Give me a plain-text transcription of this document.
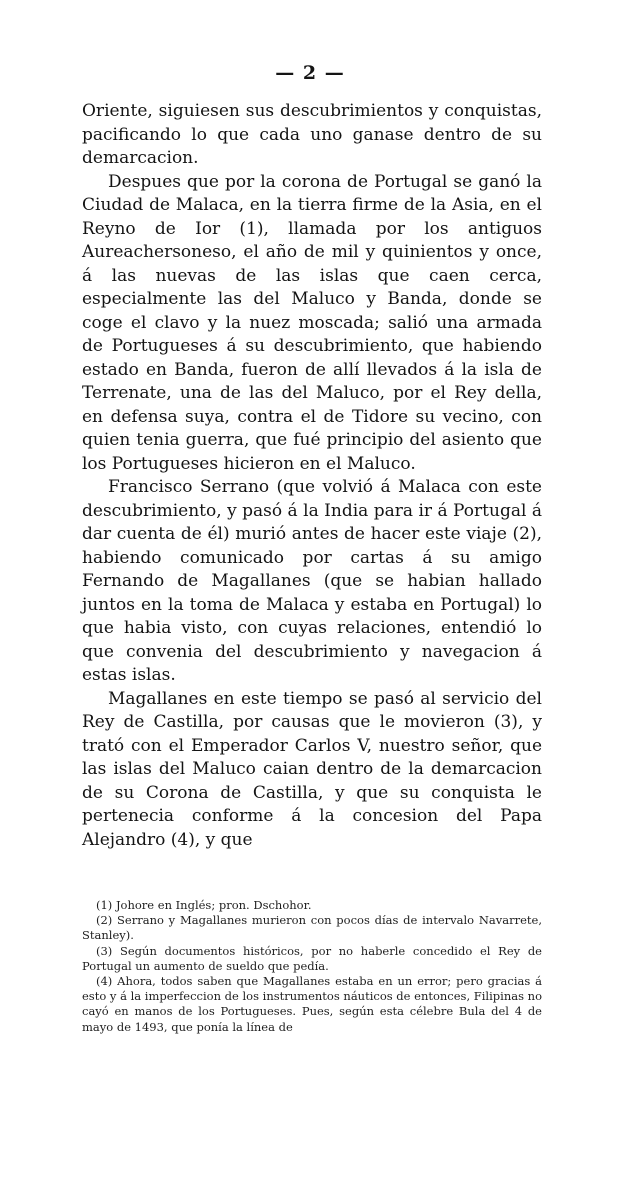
— 2 —

Oriente, siguiesen sus descubrimientos y conquistas, pacificando lo que cada uno ganase dentro de su demarcacion.

Despues que por la corona de Portugal se ganó la Ciudad de Malaca, en la tierra firme de la Asia, en el Reyno de Ior (1), llamada por los antiguos Aureachersoneso, el año de mil y quinientos y once, á las nuevas de las islas que caen cerca, especialmente las del Maluco y Banda, donde se coge el clavo y la nuez moscada; salió una armada de Portugueses á su descubrimiento, que habiendo estado en Banda, fueron de allí llevados á la isla de Terrenate, una de las del Maluco, por el Rey della, en defensa suya, contra el de Tidore su vecino, con quien tenia guerra, que fué principio del asiento que los Portugueses hicieron en el Maluco.

Francisco Serrano (que volvió á Malaca con este descubrimiento, y pasó á la India para ir á Portugal á dar cuenta de él) murió antes de hacer este viaje (2), habiendo comunicado por cartas á su amigo Fernando de Magallanes (que se habian hallado juntos en la toma de Malaca y estaba en Portugal) lo que habia visto, con cuyas relaciones, entendió lo que convenia del descubrimiento y navegacion á estas islas.

Magallanes en este tiempo se pasó al servicio del Rey de Castilla, por causas que le movieron (3), y trató con el Emperador Carlos V, nuestro señor, que las islas del Maluco caian dentro de la demarcacion de su Corona de Castilla, y que su conquista le pertenecia conforme á la concesion del Papa Alejandro (4), y que

(1) Johore en Inglés; pron. Dschohor.

(2) Serrano y Magallanes murieron con pocos días de intervalo Navarrete, Stanley).

(3) Según documentos históricos, por no haberle concedido el Rey de Portugal un aumento de sueldo que pedía.

(4) Ahora, todos saben que Magallanes estaba en un error; pero gracias á esto y á la imperfeccion de los instrumentos náuticos de entonces, Filipinas no cayó en manos de los Portugueses. Pues, según esta célebre Bula del 4 de mayo de 1493, que ponía la línea de
